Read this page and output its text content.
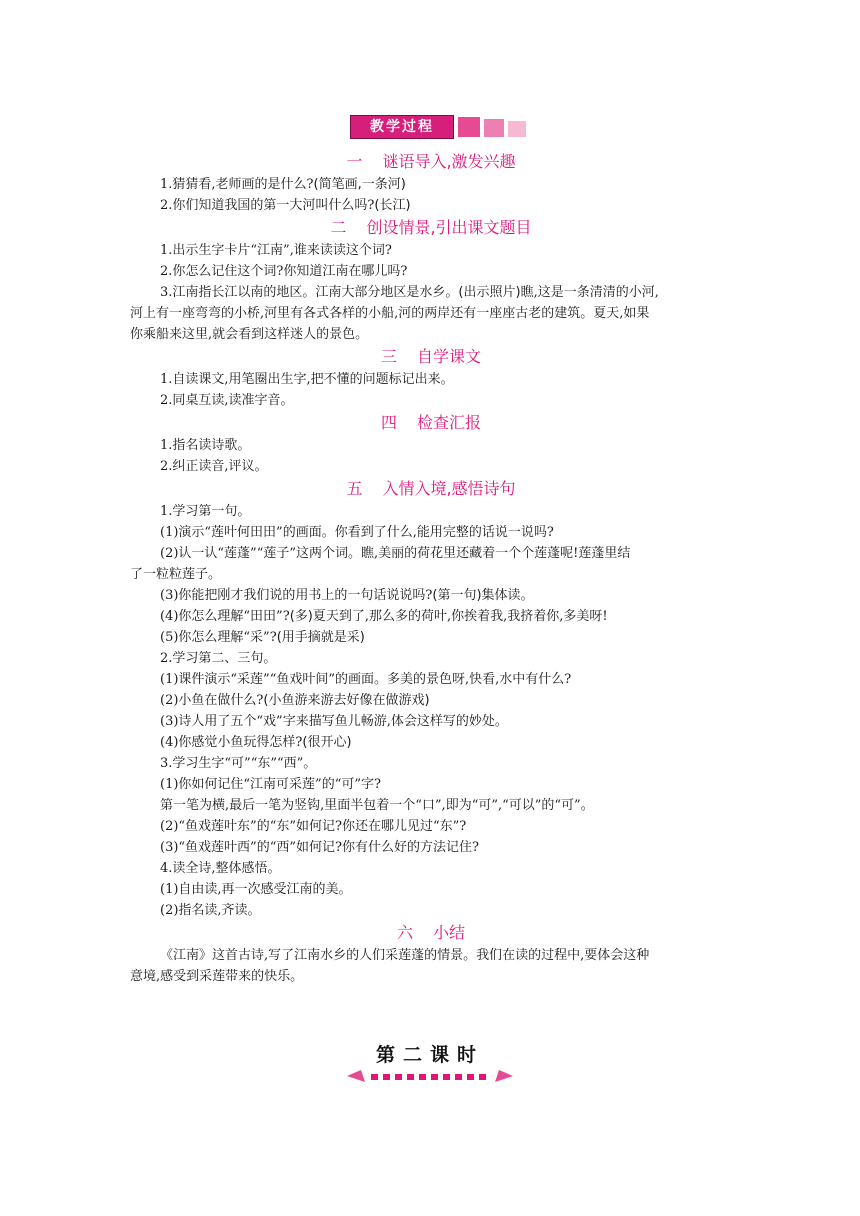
教学过程
一 谜语导入,激发兴趣
1.猜猜看,老师画的是什么?(简笔画,一条河)
2.你们知道我国的第一大河叫什么吗?(长江)
二 创设情景,引出课文题目
1.出示生字卡片“江南”,谁来读读这个词?
2.你怎么记住这个词?你知道江南在哪儿吗?
3.江南指长江以南的地区。江南大部分地区是水乡。(出示照片)瞧,这是一条清清的小河,
河上有一座弯弯的小桥,河里有各式各样的小船,河的两岸还有一座座古老的建筑。夏天,如果
你乘船来这里,就会看到这样迷人的景色。
三 自学课文
1.自读课文,用笔圈出生字,把不懂的问题标记出来。
2.同桌互读,读准字音。
四 检查汇报
1.指名读诗歌。
2.纠正读音,评议。
五 入情入境,感悟诗句
1.学习第一句。
(1)演示“莲叶何田田”的画面。你看到了什么,能用完整的话说一说吗?
(2)认一认“莲蓬”“莲子”这两个词。瞧,美丽的荷花里还藏着一个个莲蓬呢!莲蓬里结
了一粒粒莲子。
(3)你能把刚才我们说的用书上的一句话说说吗?(第一句)集体读。
(4)你怎么理解“田田”?(多)夏天到了,那么多的荷叶,你挨着我,我挤着你,多美呀!
(5)你怎么理解“采”?(用手摘就是采)
2.学习第二、三句。
(1)课件演示“采莲”“鱼戏叶间”的画面。多美的景色呀,快看,水中有什么?
(2)小鱼在做什么?(小鱼游来游去好像在做游戏)
(3)诗人用了五个“戏”字来描写鱼儿畅游,体会这样写的妙处。
(4)你感觉小鱼玩得怎样?(很开心)
3.学习生字“可”“东”“西”。
(1)你如何记住“江南可采莲”的“可”字?
第一笔为横,最后一笔为竖钩,里面半包着一个“口”,即为“可”,“可以”的“可”。
(2)“鱼戏莲叶东”的“东”如何记?你还在哪儿见过“东”?
(3)“鱼戏莲叶西”的“西”如何记?你有什么好的方法记住?
4.读全诗,整体感悟。
(1)自由读,再一次感受江南的美。
(2)指名读,齐读。
六 小结
《江南》这首古诗,写了江南水乡的人们采莲蓬的情景。我们在读的过程中,要体会这种
意境,感受到采莲带来的快乐。
第二课时
